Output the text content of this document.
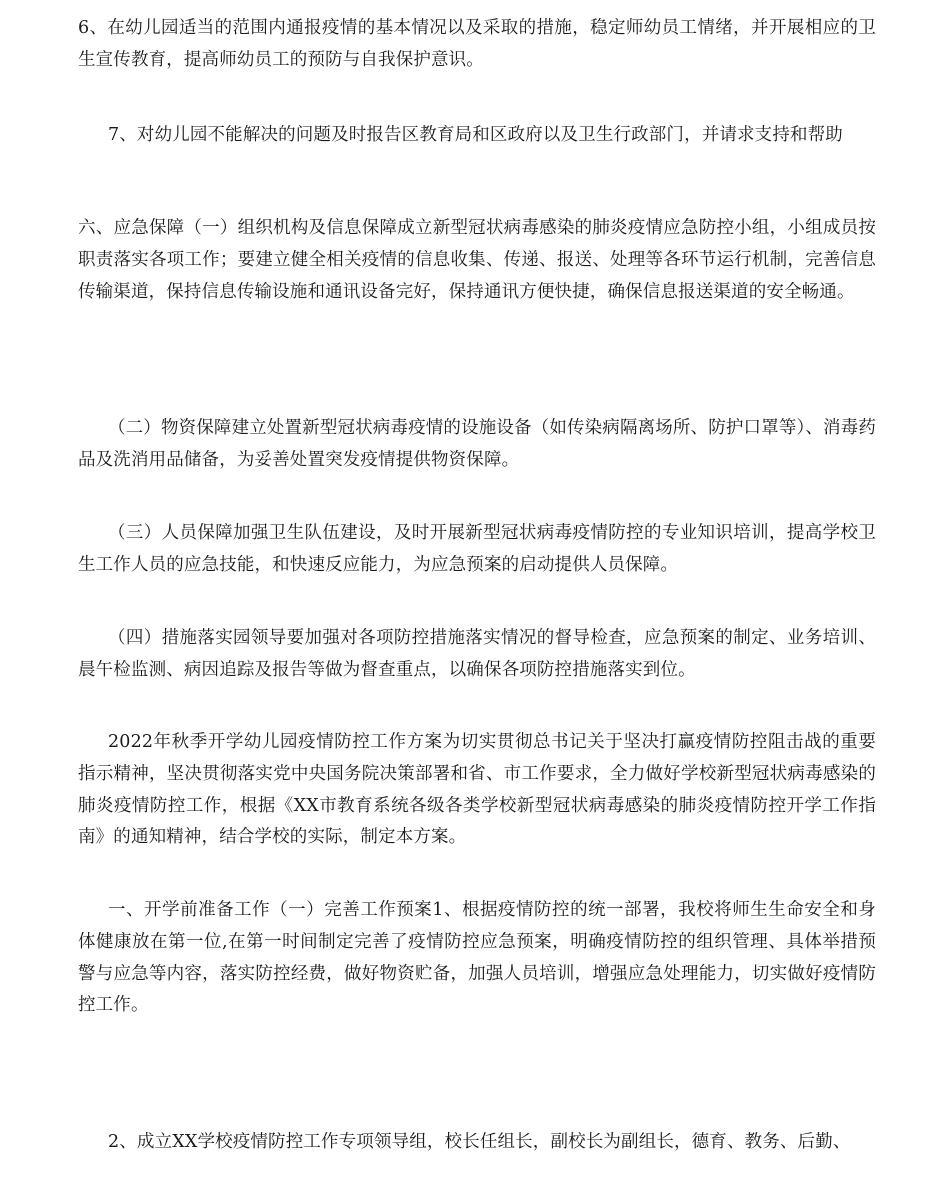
6、在幼儿园适当的范围内通报疫情的基本情况以及采取的措施，稳定师幼员工情绪，并开展相应的卫生宣传教育，提高师幼员工的预防与自我保护意识。

7、对幼儿园不能解决的问题及时报告区教育局和区政府以及卫生行政部门，并请求支持和帮助

六、应急保障（一）组织机构及信息保障成立新型冠状病毒感染的肺炎疫情应急防控小组，小组成员按职责落实各项工作；要建立健全相关疫情的信息收集、传递、报送、处理等各环节运行机制，完善信息传输渠道，保持信息传输设施和通讯设备完好，保持通讯方便快捷，确保信息报送渠道的安全畅通。

（二）物资保障建立处置新型冠状病毒疫情的设施设备（如传染病隔离场所、防护口罩等）、消毒药品及洗消用品储备，为妥善处置突发疫情提供物资保障。

（三）人员保障加强卫生队伍建设，及时开展新型冠状病毒疫情防控的专业知识培训，提高学校卫生工作人员的应急技能，和快速反应能力，为应急预案的启动提供人员保障。

（四）措施落实园领导要加强对各项防控措施落实情况的督导检查，应急预案的制定、业务培训、晨午检监测、病因追踪及报告等做为督查重点，以确保各项防控措施落实到位。

2022年秋季开学幼儿园疫情防控工作方案为切实贯彻总书记关于坚决打赢疫情防控阻击战的重要指示精神，坚决贯彻落实党中央国务院决策部署和省、市工作要求，全力做好学校新型冠状病毒感染的肺炎疫情防控工作，根据《XX市教育系统各级各类学校新型冠状病毒感染的肺炎疫情防控开学工作指南》的通知精神，结合学校的实际，制定本方案。

一、开学前准备工作（一）完善工作预案1、根据疫情防控的统一部署，我校将师生生命安全和身体健康放在第一位,在第一时间制定完善了疫情防控应急预案，明确疫情防控的组织管理、具体举措预警与应急等内容，落实防控经费，做好物资贮备，加强人员培训，增强应急处理能力，切实做好疫情防控工作。

2、成立XX学校疫情防控工作专项领导组，校长任组长，副校长为副组长，德育、教务、后勤、
